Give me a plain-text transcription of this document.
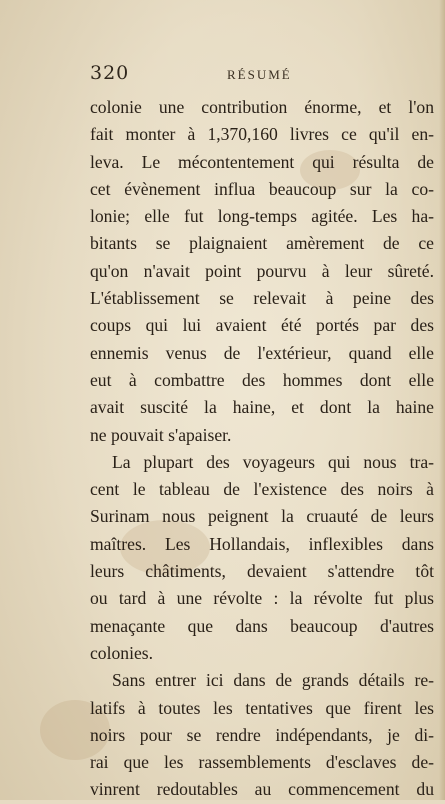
320	RÉSUMÉ
colonie une contribution énorme, et l'on
fait monter à 1,370,160 livres ce qu'il en-
leva. Le mécontentement qui résulta de
cet évènement influa beaucoup sur la co-
lonie; elle fut long-temps agitée. Les ha-
bitants se plaignaient amèrement de ce
qu'on n'avait point pourvu à leur sûreté.
L'établissement se relevait à peine des
coups qui lui avaient été portés par des
ennemis venus de l'extérieur, quand elle
eut à combattre des hommes dont elle
avait suscité la haine, et dont la haine
ne pouvait s'apaiser.
La plupart des voyageurs qui nous tra-
cent le tableau de l'existence des noirs à
Surinam nous peignent la cruauté de leurs
maîtres. Les Hollandais, inflexibles dans
leurs châtiments, devaient s'attendre tôt
ou tard à une révolte : la révolte fut plus
menaçante que dans beaucoup d'autres
colonies.
Sans entrer ici dans de grands détails re-
latifs à toutes les tentatives que firent les
noirs pour se rendre indépendants, je di-
rai que les rassemblements d'esclaves de-
vinrent redoutables au commencement du
